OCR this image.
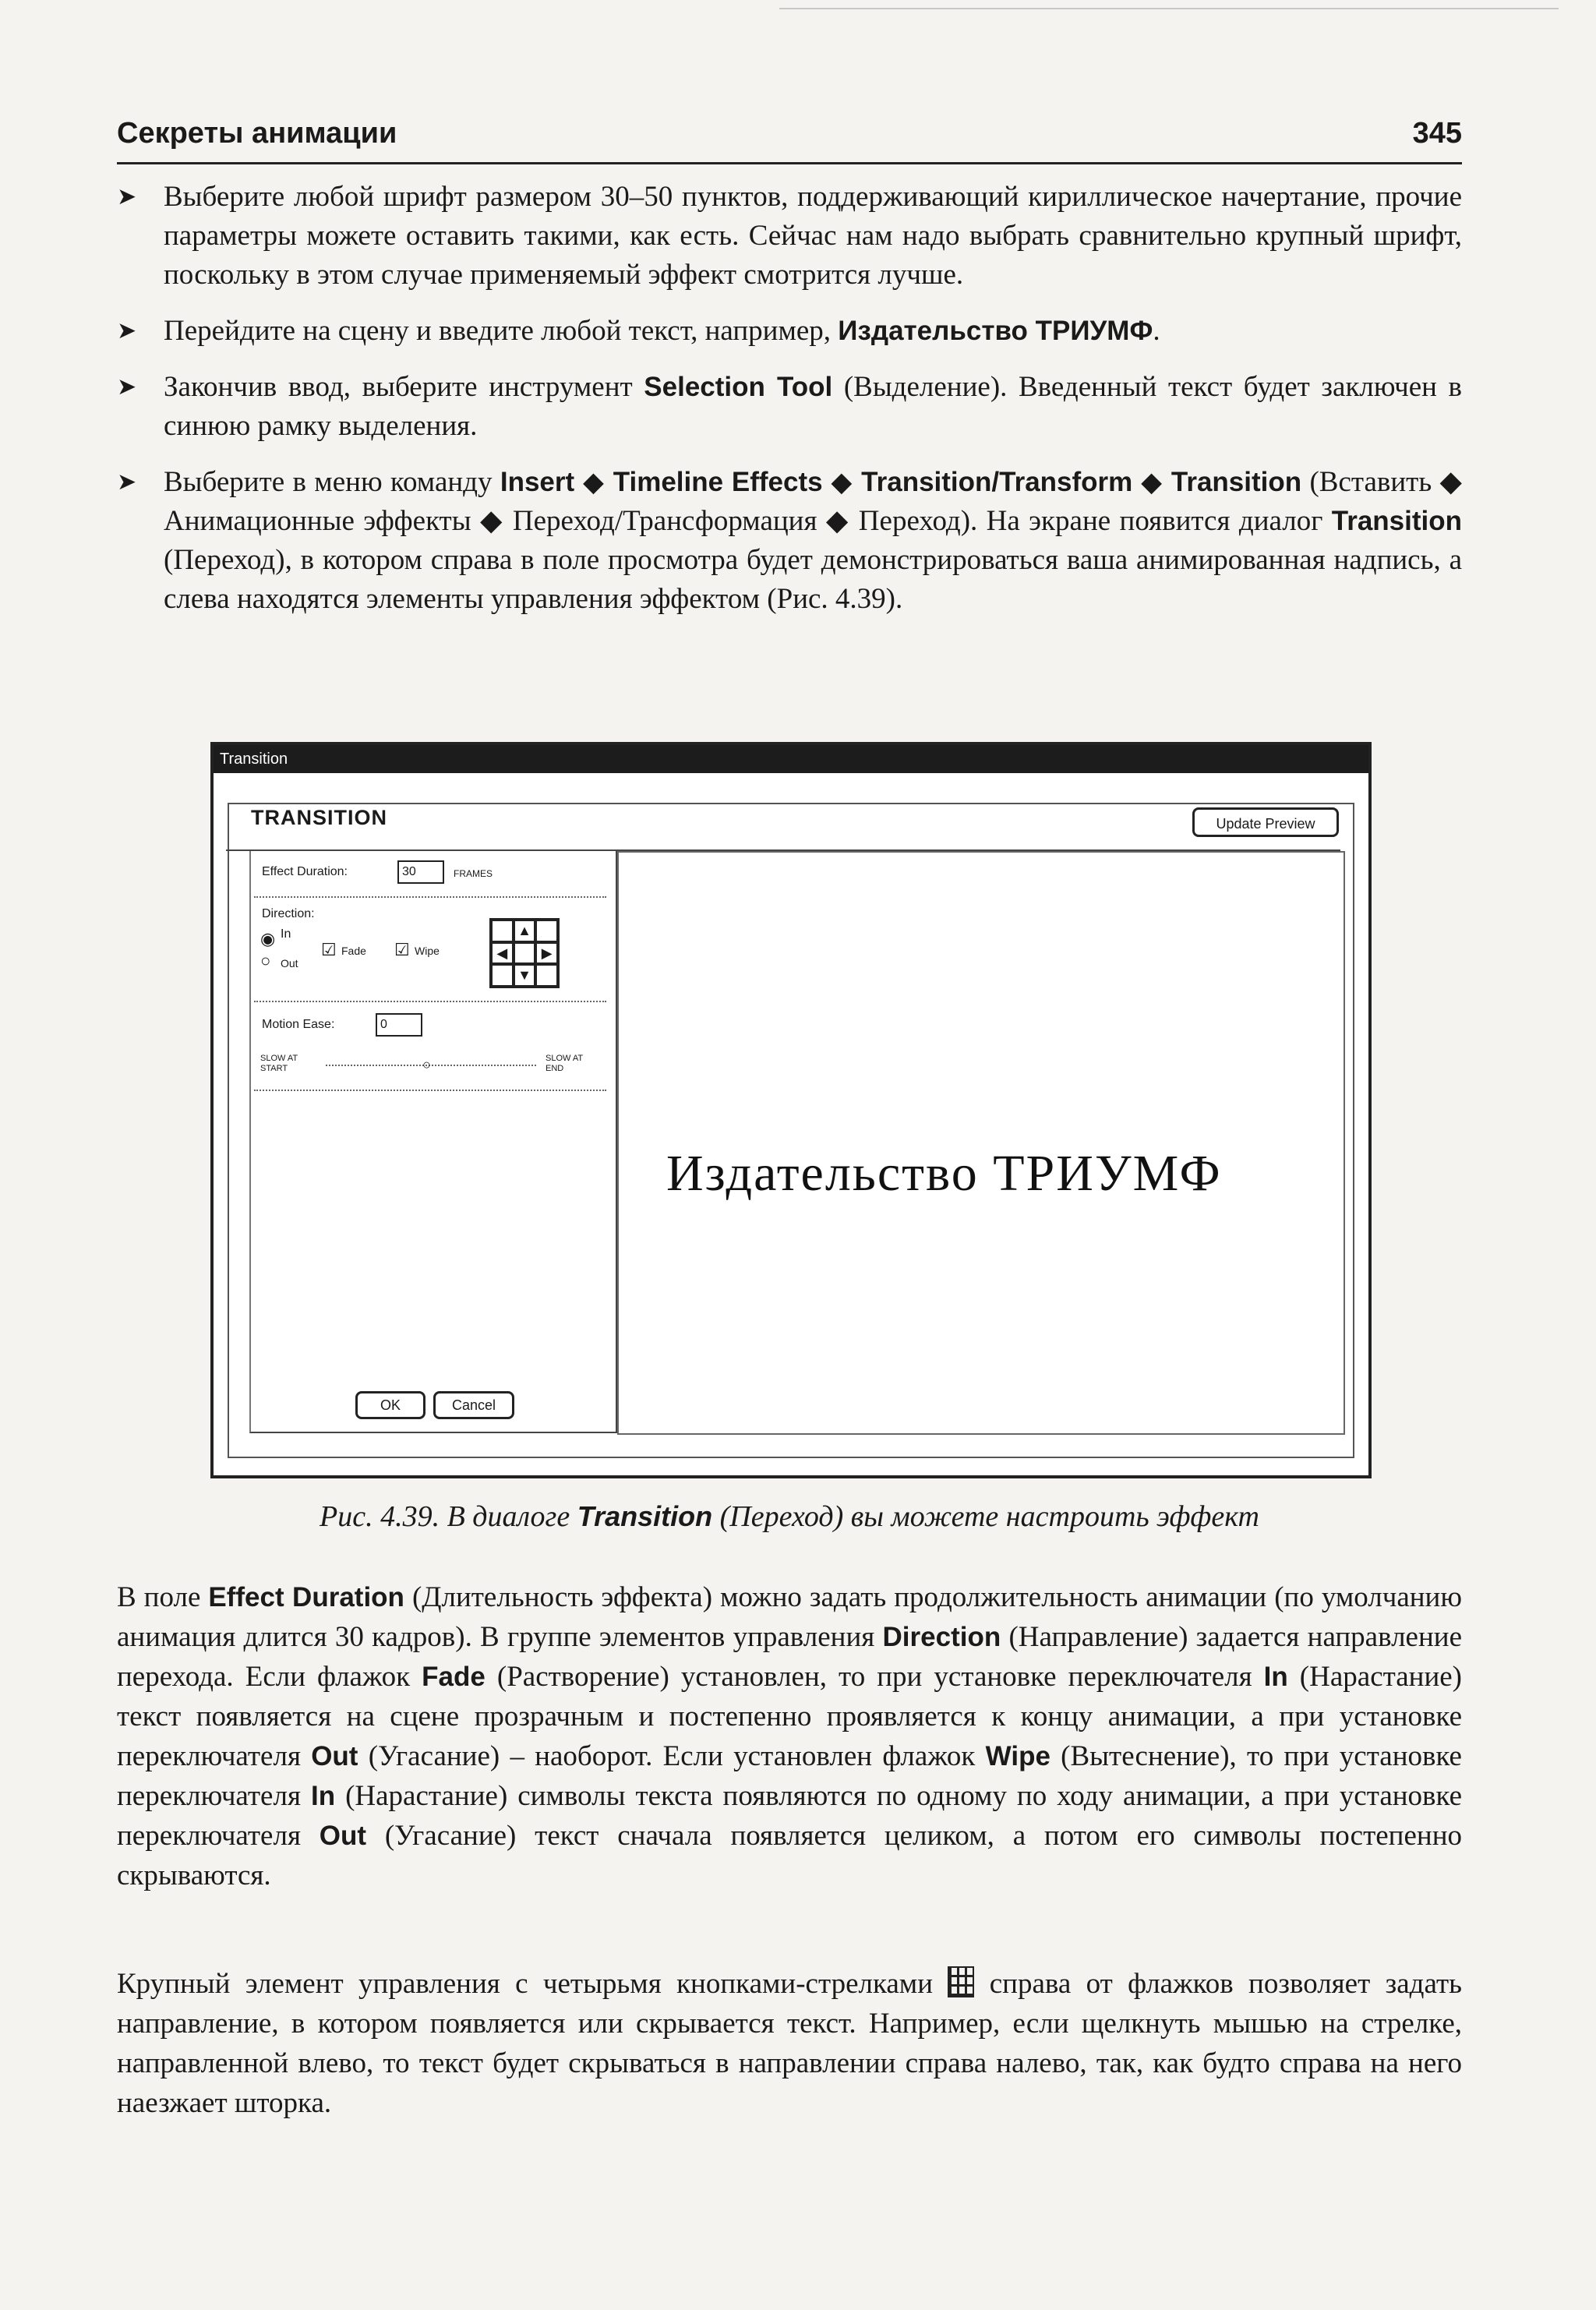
Секреты анимации	345
➤ Выберите любой шрифт размером 30–50 пунктов, поддерживающий кириллическое начертание, прочие параметры можете оставить такими, как есть. Сейчас нам надо выбрать сравнительно крупный шрифт, поскольку в этом случае применяемый эффект смотрится лучше.
➤ Перейдите на сцену и введите любой текст, например, Издательство ТРИУМФ.
➤ Закончив ввод, выберите инструмент Selection Tool (Выделение). Введенный текст будет заключен в синюю рамку выделения.
➤ Выберите в меню команду Insert ◆ Timeline Effects ◆ Transition/Transform ◆ Transition (Вставить ◆ Анимационные эффекты ◆ Переход/Трансформация ◆ Переход). На экране появится диалог Transition (Переход), в котором справа в поле просмотра будет демонстрироваться ваша анимированная надпись, а слева находятся элементы управления эффектом (Рис. 4.39).
Transition
TRANSITION	Update Preview
Effect Duration:	30	FRAMES
Direction:
◉ In
○ Out
☑ Fade ☑ Wipe
▲
◀	▶
▼
Motion Ease:	0
SLOW AT START	○	SLOW AT END
Издательство ТРИУМФ
OK	Cancel
Рис. 4.39. В диалоге Transition (Переход) вы можете настроить эффект
В поле Effect Duration (Длительность эффекта) можно задать продолжительность анимации (по умолчанию анимация длится 30 кадров). В группе элементов управления Direction (Направление) задается направление перехода. Если флажок Fade (Растворение) установлен, то при установке переключателя In (Нарастание) текст появляется на сцене прозрачным и постепенно проявляется к концу анимации, а при установке переключателя Out (Угасание) – наоборот. Если установлен флажок Wipe (Вытеснение), то при установке переключателя In (Нарастание) символы текста появляются по одному по ходу анимации, а при установке переключателя Out (Угасание) текст сначала появляется целиком, а потом его символы постепенно скрываются.
Крупный элемент управления с четырьмя кнопками-стрелками  справа от флажков позволяет задать направление, в котором появляется или скрывается текст. Например, если щелкнуть мышью на стрелке, направленной влево, то текст будет скрываться в направлении справа налево, так, как будто справа на него наезжает шторка.
